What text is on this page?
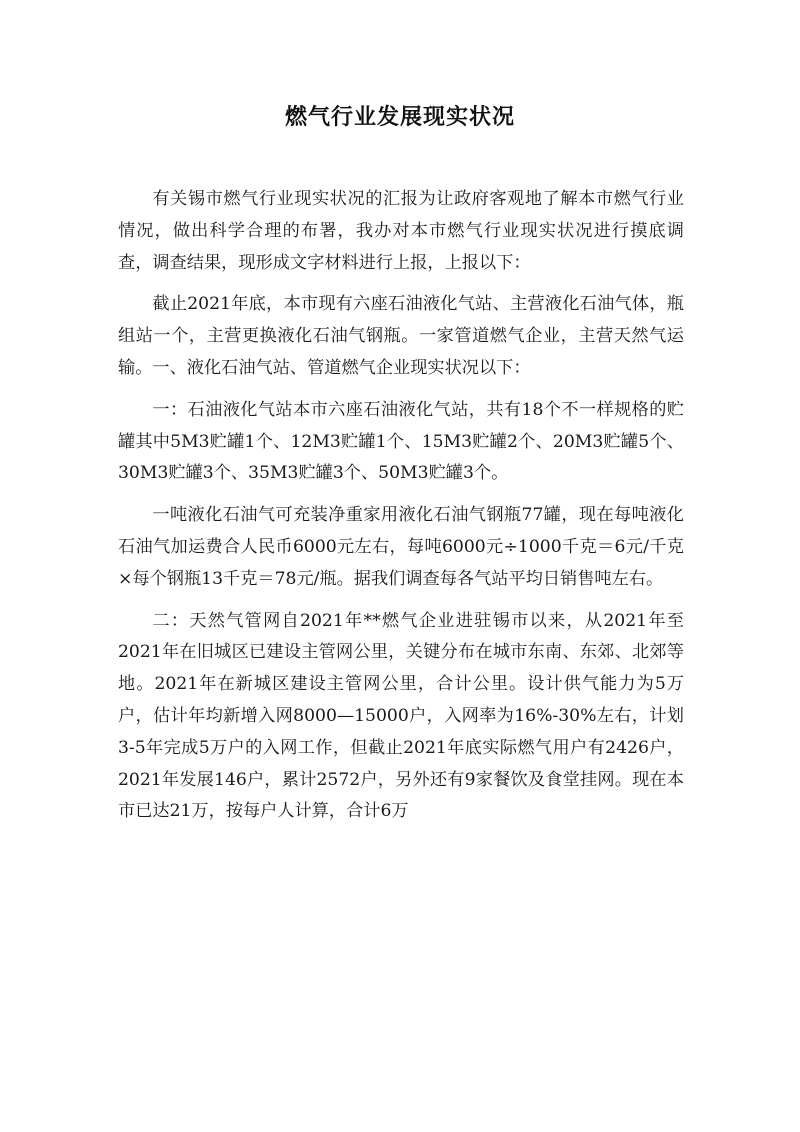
燃气行业发展现实状况

有关锡市燃气行业现实状况的汇报为让政府客观地了解本市燃气行业情况，做出科学合理的布署，我办对本市燃气行业现实状况进行摸底调查，调查结果，现形成文字材料进行上报，上报以下：

截止2021年底，本市现有六座石油液化气站、主营液化石油气体，瓶组站一个，主营更换液化石油气钢瓶。一家管道燃气企业，主营天然气运输。一、液化石油气站、管道燃气企业现实状况以下：

一：石油液化气站本市六座石油液化气站，共有18个不一样规格的贮罐其中5M3贮罐1个、12M3贮罐1个、15M3贮罐2个、20M3贮罐5个、30M3贮罐3个、35M3贮罐3个、50M3贮罐3个。

一吨液化石油气可充装净重家用液化石油气钢瓶77罐，现在每吨液化石油气加运费合人民币6000元左右，每吨6000元÷1000千克＝6元/千克×每个钢瓶13千克＝78元/瓶。据我们调查每各气站平均日销售吨左右。

二：天然气管网自2021年**燃气企业进驻锡市以来，从2021年至2021年在旧城区已建设主管网公里，关键分布在城市东南、东郊、北郊等地。2021年在新城区建设主管网公里，合计公里。设计供气能力为5万户，估计年均新增入网8000—15000户，入网率为16%-30%左右，计划3-5年完成5万户的入网工作，但截止2021年底实际燃气用户有2426户，2021年发展146户，累计2572户，另外还有9家餐饮及食堂挂网。现在本市已达21万，按每户人计算，合计6万
